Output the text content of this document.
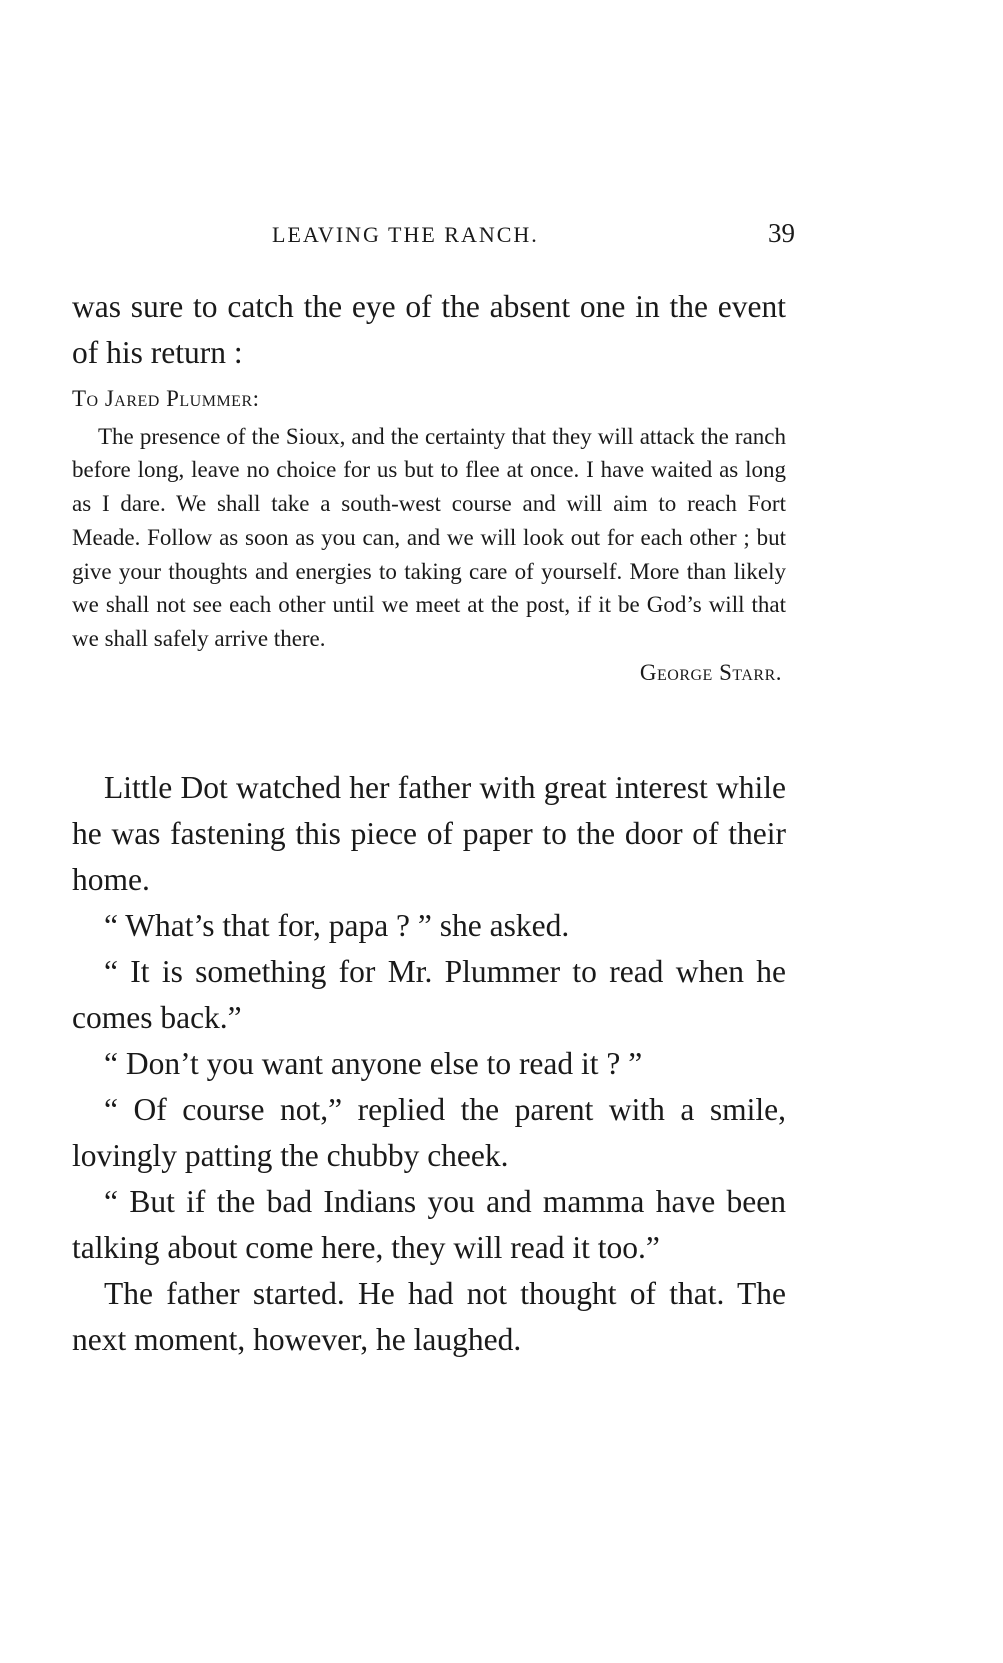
LEAVING THE RANCH.	39

was sure to catch the eye of the absent one in the event of his return :

To Jared Plummer:

The presence of the Sioux, and the certainty that they will attack the ranch before long, leave no choice for us but to flee at once. I have waited as long as I dare. We shall take a south-west course and will aim to reach Fort Meade. Follow as soon as you can, and we will look out for each other ; but give your thoughts and energies to taking care of yourself. More than likely we shall not see each other until we meet at the post, if it be God’s will that we shall safely arrive there.

George Starr.

Little Dot watched her father with great interest while he was fastening this piece of paper to the door of their home.

“ What’s that for, papa ? ” she asked.

“ It is something for Mr. Plummer to read when he comes back.”

“ Don’t you want anyone else to read it ? ”

“ Of course not,” replied the parent with a smile, lovingly patting the chubby cheek.

“ But if the bad Indians you and mamma have been talking about come here, they will read it too.”

The father started. He had not thought of that. The next moment, however, he laughed.
